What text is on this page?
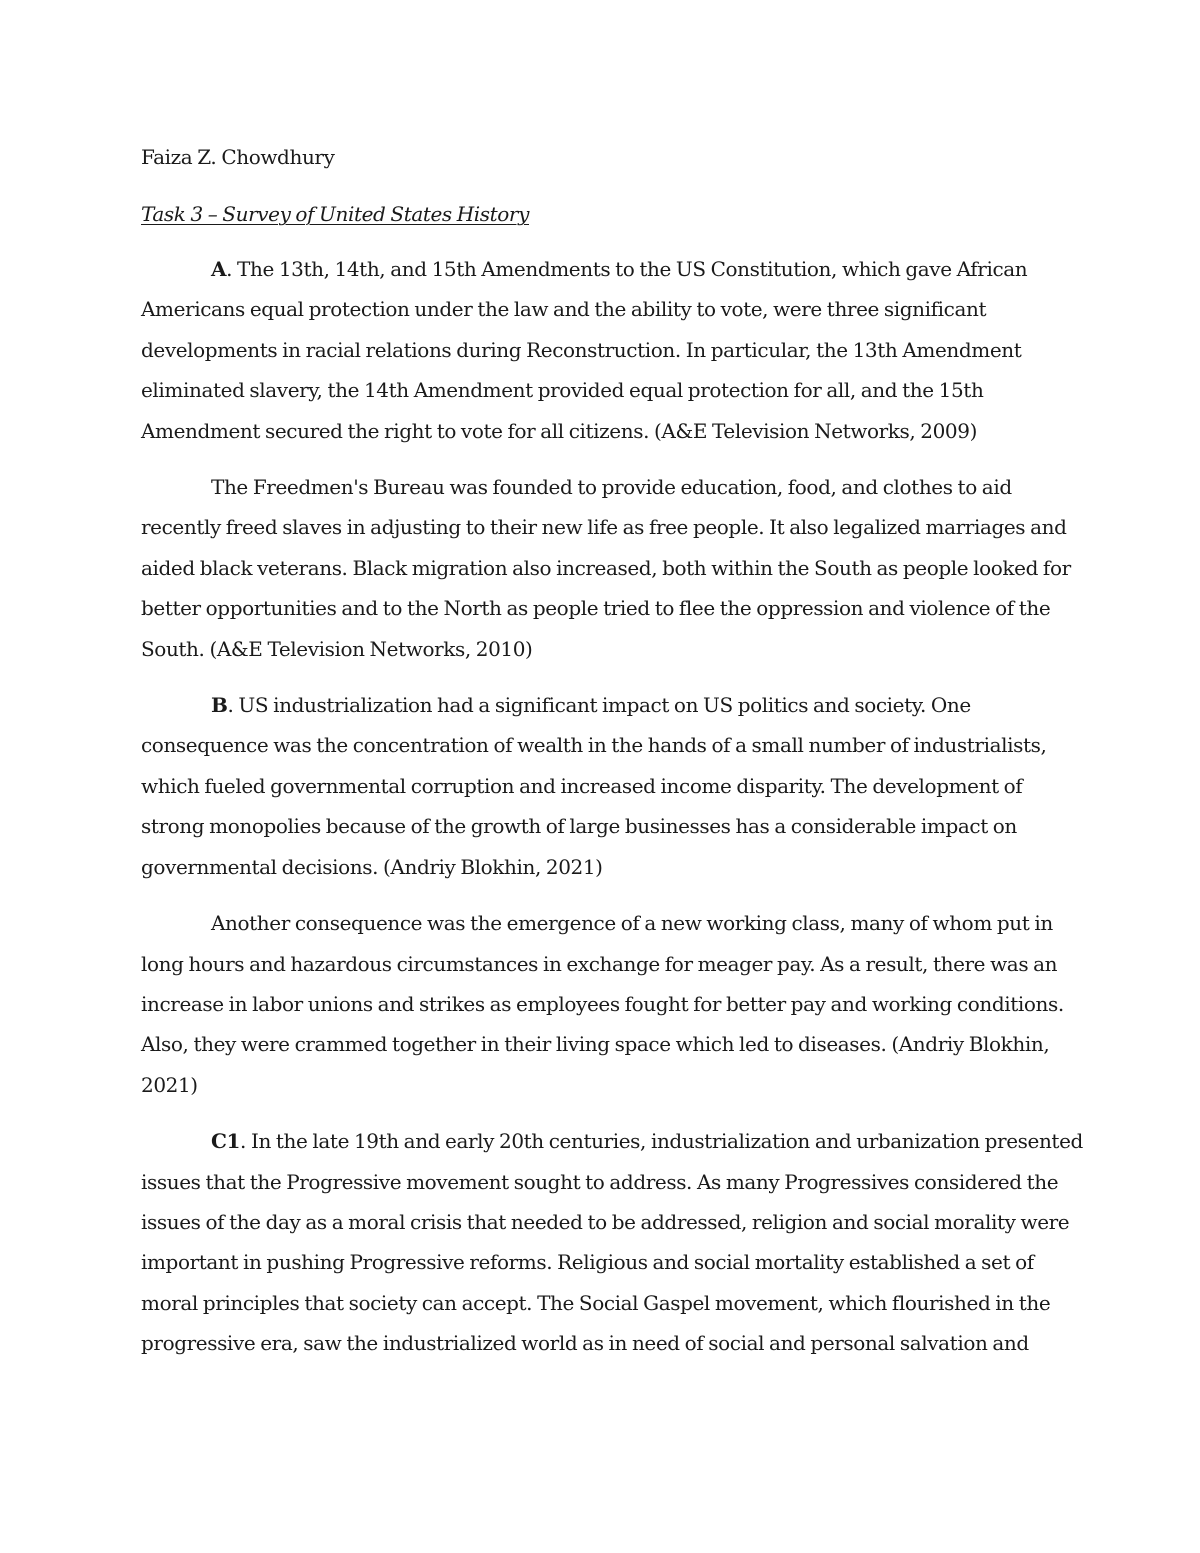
Faiza Z. Chowdhury

Task 3 – Survey of United States History

A. The 13th, 14th, and 15th Amendments to the US Constitution, which gave African
Americans equal protection under the law and the ability to vote, were three significant
developments in racial relations during Reconstruction. In particular, the 13th Amendment
eliminated slavery, the 14th Amendment provided equal protection for all, and the 15th
Amendment secured the right to vote for all citizens. (A&E Television Networks, 2009)

The Freedmen's Bureau was founded to provide education, food, and clothes to aid
recently freed slaves in adjusting to their new life as free people. It also legalized marriages and
aided black veterans. Black migration also increased, both within the South as people looked for
better opportunities and to the North as people tried to flee the oppression and violence of the
South. (A&E Television Networks, 2010)

B. US industrialization had a significant impact on US politics and society. One
consequence was the concentration of wealth in the hands of a small number of industrialists,
which fueled governmental corruption and increased income disparity. The development of
strong monopolies because of the growth of large businesses has a considerable impact on
governmental decisions. (Andriy Blokhin, 2021)

Another consequence was the emergence of a new working class, many of whom put in
long hours and hazardous circumstances in exchange for meager pay. As a result, there was an
increase in labor unions and strikes as employees fought for better pay and working conditions.
Also, they were crammed together in their living space which led to diseases. (Andriy Blokhin,
2021)

C1. In the late 19th and early 20th centuries, industrialization and urbanization presented
issues that the Progressive movement sought to address. As many Progressives considered the
issues of the day as a moral crisis that needed to be addressed, religion and social morality were
important in pushing Progressive reforms. Religious and social mortality established a set of
moral principles that society can accept. The Social Gaspel movement, which flourished in the
progressive era, saw the industrialized world as in need of social and personal salvation and
